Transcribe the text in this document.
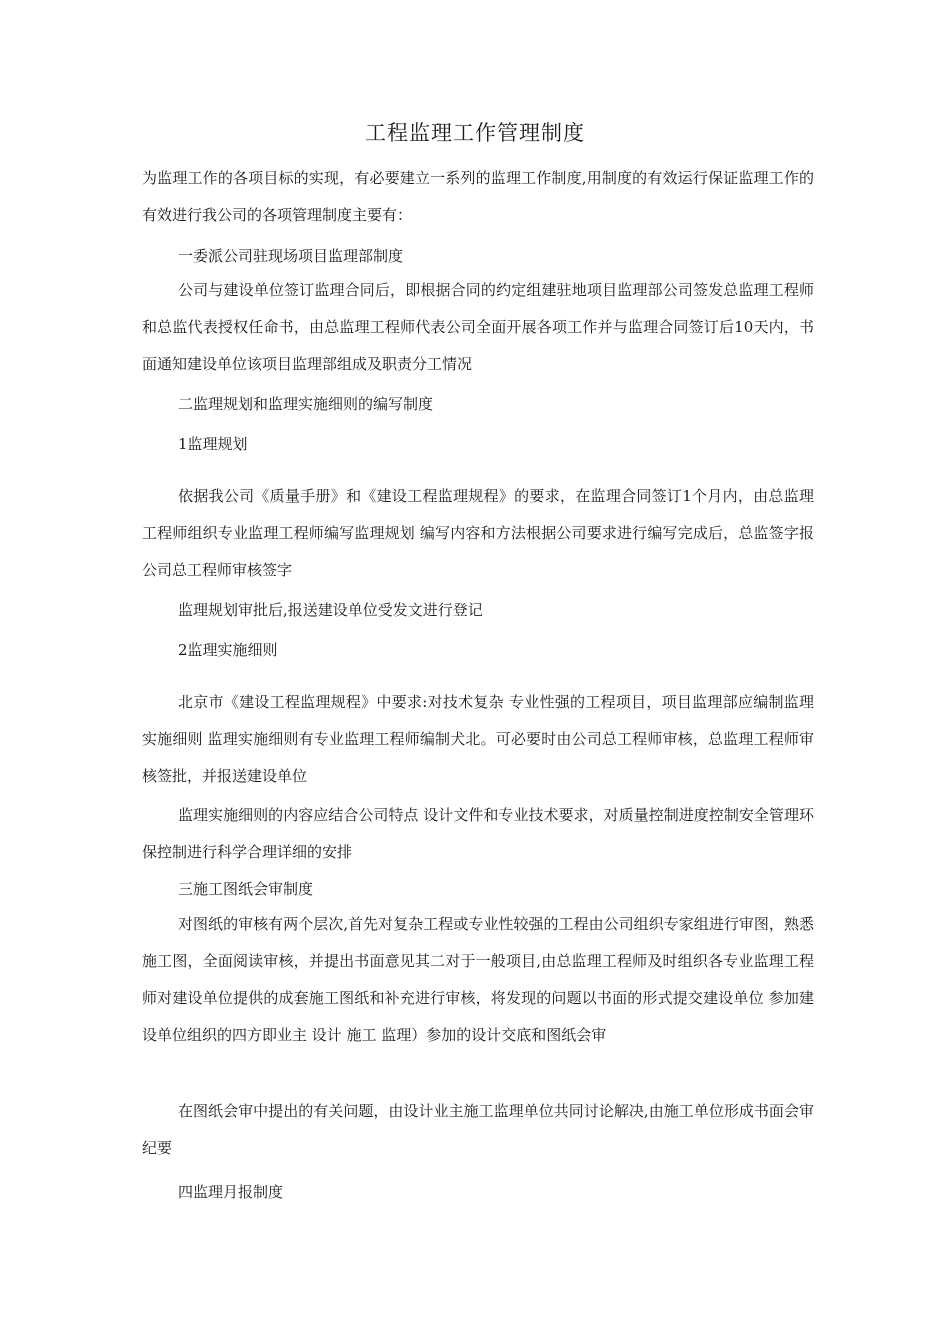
工程监理工作管理制度

为监理工作的各项目标的实现，有必要建立一系列的监理工作制度,用制度的有效运行保证监理工作的有效进行我公司的各项管理制度主要有：

一委派公司驻现场项目监理部制度

公司与建设单位签订监理合同后，即根据合同的约定组建驻地项目监理部公司签发总监理工程师和总监代表授权任命书，由总监理工程师代表公司全面开展各项工作并与监理合同签订后10天内，书面通知建设单位该项目监理部组成及职责分工情况

二监理规划和监理实施细则的编写制度

1监理规划

依据我公司《质量手册》和《建设工程监理规程》的要求，在监理合同签订1个月内，由总监理工程师组织专业监理工程师编写监理规划 编写内容和方法根据公司要求进行编写完成后，总监签字报公司总工程师审核签字

监理规划审批后,报送建设单位受发文进行登记

2监理实施细则

北京市《建设工程监理规程》中要求:对技术复杂 专业性强的工程项目，项目监理部应编制监理实施细则 监理实施细则有专业监理工程师编制犬北。可必要时由公司总工程师审核，总监理工程师审核签批，并报送建设单位

监理实施细则的内容应结合公司特点 设计文件和专业技术要求，对质量控制进度控制安全管理环保控制进行科学合理详细的安排

三施工图纸会审制度

对图纸的审核有两个层次,首先对复杂工程或专业性较强的工程由公司组织专家组进行审图，熟悉施工图，全面阅读审核，并提出书面意见其二对于一般项目,由总监理工程师及时组织各专业监理工程师对建设单位提供的成套施工图纸和补充进行审核，将发现的问题以书面的形式提交建设单位 参加建设单位组织的四方即业主 设计 施工 监理）参加的设计交底和图纸会审

在图纸会审中提出的有关问题，由设计业主施工监理单位共同讨论解决,由施工单位形成书面会审纪要

四监理月报制度
